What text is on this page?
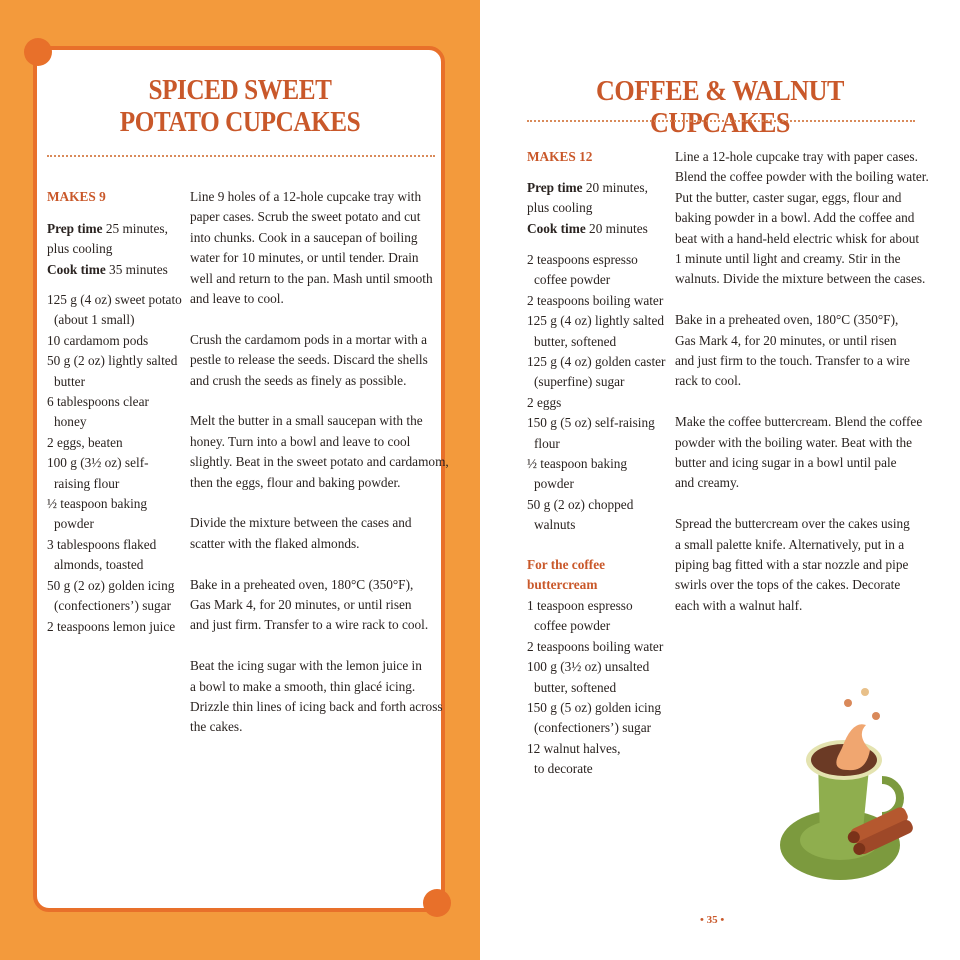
SPICED SWEET
POTATO CUPCAKES
MAKES 9
Prep time 25 minutes,
plus cooling
Cook time 35 minutes
125 g (4 oz) sweet potato
(about 1 small)
10 cardamom pods
50 g (2 oz) lightly salted
butter
6 tablespoons clear
honey
2 eggs, beaten
100 g (3½ oz) self-
raising flour
½ teaspoon baking
powder
3 tablespoons flaked
almonds, toasted
50 g (2 oz) golden icing
(confectioners’) sugar
2 teaspoons lemon juice
Line 9 holes of a 12-hole cupcake tray with
paper cases. Scrub the sweet potato and cut
into chunks. Cook in a saucepan of boiling
water for 10 minutes, or until tender. Drain
well and return to the pan. Mash until smooth
and leave to cool.
Crush the cardamom pods in a mortar with a
pestle to release the seeds. Discard the shells
and crush the seeds as finely as possible.
Melt the butter in a small saucepan with the
honey. Turn into a bowl and leave to cool
slightly. Beat in the sweet potato and cardamom,
then the eggs, flour and baking powder.
Divide the mixture between the cases and
scatter with the flaked almonds.
Bake in a preheated oven, 180°C (350°F),
Gas Mark 4, for 20 minutes, or until risen
and just firm. Transfer to a wire rack to cool.
Beat the icing sugar with the lemon juice in
a bowl to make a smooth, thin glacé icing.
Drizzle thin lines of icing back and forth across
the cakes.
COFFEE & WALNUT CUPCAKES
MAKES 12
Prep time 20 minutes,
plus cooling
Cook time 20 minutes
2 teaspoons espresso
coffee powder
2 teaspoons boiling water
125 g (4 oz) lightly salted
butter, softened
125 g (4 oz) golden caster
(superfine) sugar
2 eggs
150 g (5 oz) self-raising
flour
½ teaspoon baking
powder
50 g (2 oz) chopped
walnuts
For the coffee
buttercream
1 teaspoon espresso
coffee powder
2 teaspoons boiling water
100 g (3½ oz) unsalted
butter, softened
150 g (5 oz) golden icing
(confectioners’) sugar
12 walnut halves,
to decorate
Line a 12-hole cupcake tray with paper cases.
Blend the coffee powder with the boiling water.
Put the butter, caster sugar, eggs, flour and
baking powder in a bowl. Add the coffee and
beat with a hand-held electric whisk for about
1 minute until light and creamy. Stir in the
walnuts. Divide the mixture between the cases.
Bake in a preheated oven, 180°C (350°F),
Gas Mark 4, for 20 minutes, or until risen
and just firm to the touch. Transfer to a wire
rack to cool.
Make the coffee buttercream. Blend the coffee
powder with the boiling water. Beat with the
butter and icing sugar in a bowl until pale
and creamy.
Spread the buttercream over the cakes using
a small palette knife. Alternatively, put in a
piping bag fitted with a star nozzle and pipe
swirls over the tops of the cakes. Decorate
each with a walnut half.
• 35 •
